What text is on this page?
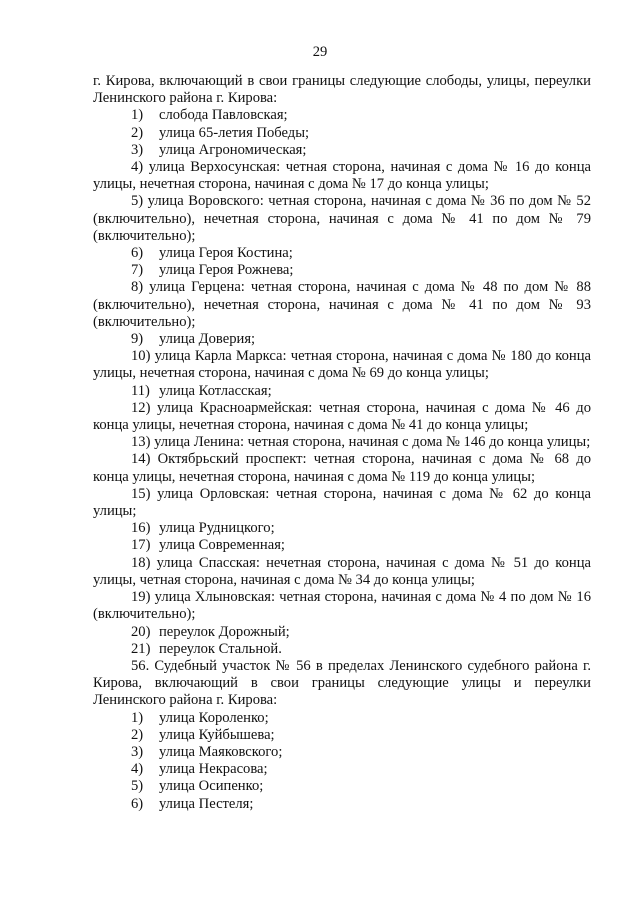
29

г. Кирова, включающий в свои границы следующие слободы, улицы, переулки Ленинского района г. Кирова:

1) слобода Павловская;
2) улица 65-летия Победы;
3) улица Агрономическая;

4) улица Верхосунская: четная сторона, начиная с дома № 16 до конца улицы, нечетная сторона, начиная с дома № 17 до конца улицы;

5) улица Воровского: четная сторона, начиная с дома № 36 по дом № 52 (включительно), нечетная сторона, начиная с дома № 41 по дом № 79 (включительно);

6) улица Героя Костина;
7) улица Героя Рожнева;

8) улица Герцена: четная сторона, начиная с дома № 48 по дом № 88 (включительно), нечетная сторона, начиная с дома № 41 по дом № 93 (включительно);

9) улица Доверия;

10) улица Карла Маркса: четная сторона, начиная с дома № 180 до конца улицы, нечетная сторона, начиная с дома № 69 до конца улицы;

11) улица Котласская;

12) улица Красноармейская: четная сторона, начиная с дома № 46 до конца улицы, нечетная сторона, начиная с дома № 41 до конца улицы;

13) улица Ленина: четная сторона, начиная с дома № 146 до конца улицы;

14) Октябрьский проспект: четная сторона, начиная с дома № 68 до конца улицы, нечетная сторона, начиная с дома № 119 до конца улицы;

15) улица Орловская: четная сторона, начиная с дома № 62 до конца улицы;

16) улица Рудницкого;
17) улица Современная;

18) улица Спасская: нечетная сторона, начиная с дома № 51 до конца улицы, четная сторона, начиная с дома № 34 до конца улицы;

19) улица Хлыновская: четная сторона, начиная с дома № 4 по дом № 16 (включительно);

20) переулок Дорожный;
21) переулок Стальной.

56. Судебный участок № 56 в пределах Ленинского судебного района г. Кирова, включающий в свои границы следующие улицы и переулки Ленинского района г. Кирова:

1) улица Короленко;
2) улица Куйбышева;
3) улица Маяковского;
4) улица Некрасова;
5) улица Осипенко;
6) улица Пестеля;
